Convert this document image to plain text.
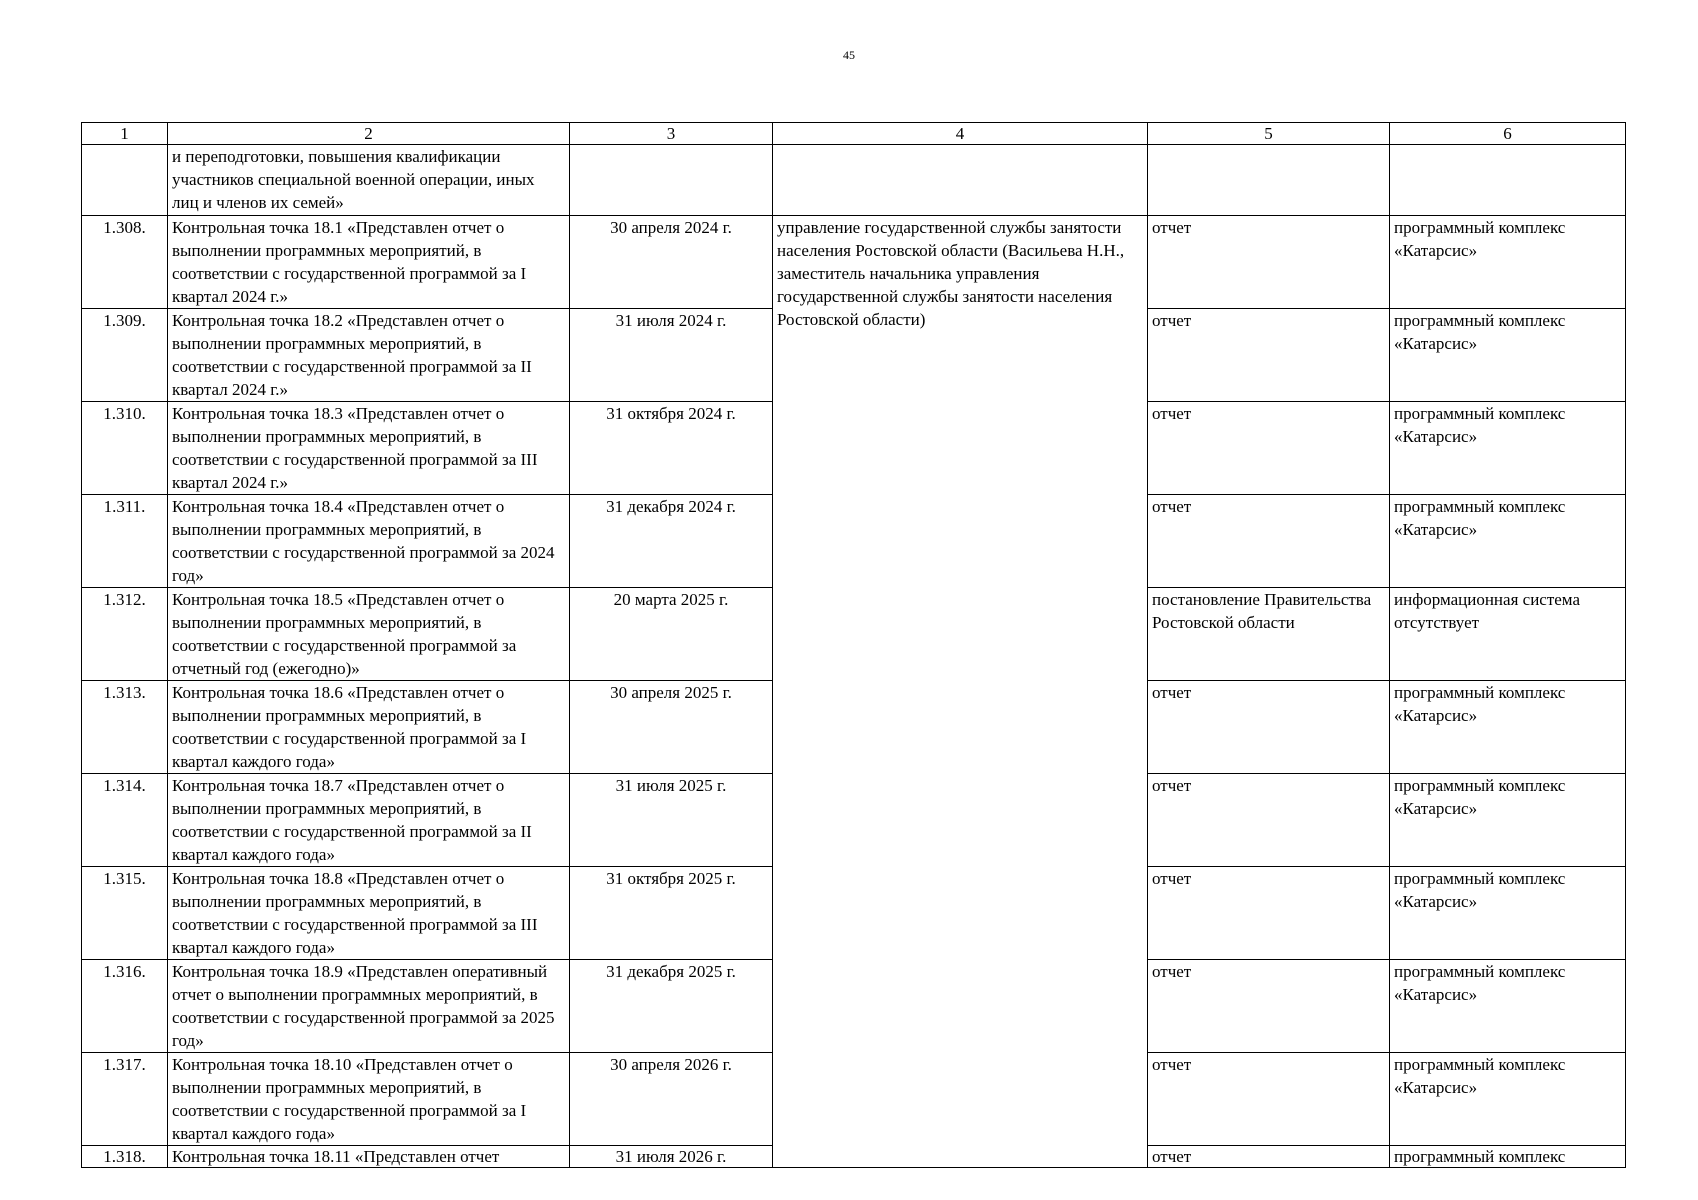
45
1	2	3	4	5	6
	и переподготовки, повышения квалификации участников специальной военной операции, иных лиц и членов их семей»				
1.308.	Контрольная точка 18.1 «Представлен отчет о выполнении программных мероприятий, в соответствии с государственной программой за I квартал 2024 г.»	30 апреля 2024 г.	управление государственной службы занятости населения Ростовской области (Васильева Н.Н., заместитель начальника управления государственной службы занятости населения Ростовской области)	отчет	программный комплекс «Катарсис»
1.309.	Контрольная точка 18.2 «Представлен отчет о выполнении программных мероприятий, в соответствии с государственной программой за II квартал 2024 г.»	31 июля 2024 г.		отчет	программный комплекс «Катарсис»
1.310.	Контрольная точка 18.3 «Представлен отчет о выполнении программных мероприятий, в соответствии с государственной программой за III квартал 2024 г.»	31 октября 2024 г.		отчет	программный комплекс «Катарсис»
1.311.	Контрольная точка 18.4 «Представлен отчет о выполнении программных мероприятий, в соответствии с государственной программой за 2024 год»	31 декабря 2024 г.		отчет	программный комплекс «Катарсис»
1.312.	Контрольная точка 18.5 «Представлен отчет о выполнении программных мероприятий, в соответствии с государственной программой за отчетный год (ежегодно)»	20 марта 2025 г.		постановление Правительства Ростовской области	информационная система отсутствует
1.313.	Контрольная точка 18.6 «Представлен отчет о выполнении программных мероприятий, в соответствии с государственной программой за I квартал каждого года»	30 апреля 2025 г.		отчет	программный комплекс «Катарсис»
1.314.	Контрольная точка 18.7 «Представлен отчет о выполнении программных мероприятий, в соответствии с государственной программой за II квартал каждого года»	31 июля 2025 г.		отчет	программный комплекс «Катарсис»
1.315.	Контрольная точка 18.8 «Представлен отчет о выполнении программных мероприятий, в соответствии с государственной программой за III квартал каждого года»	31 октября 2025 г.		отчет	программный комплекс «Катарсис»
1.316.	Контрольная точка 18.9 «Представлен оперативный отчет о выполнении программных мероприятий, в соответствии с государственной программой за 2025 год»	31 декабря 2025 г.		отчет	программный комплекс «Катарсис»
1.317.	Контрольная точка 18.10 «Представлен отчет о выполнении программных мероприятий, в соответствии с государственной программой за I квартал каждого года»	30 апреля 2026 г.		отчет	программный комплекс «Катарсис»
1.318.	Контрольная точка 18.11 «Представлен отчет	31 июля 2026 г.		отчет	программный комплекс
